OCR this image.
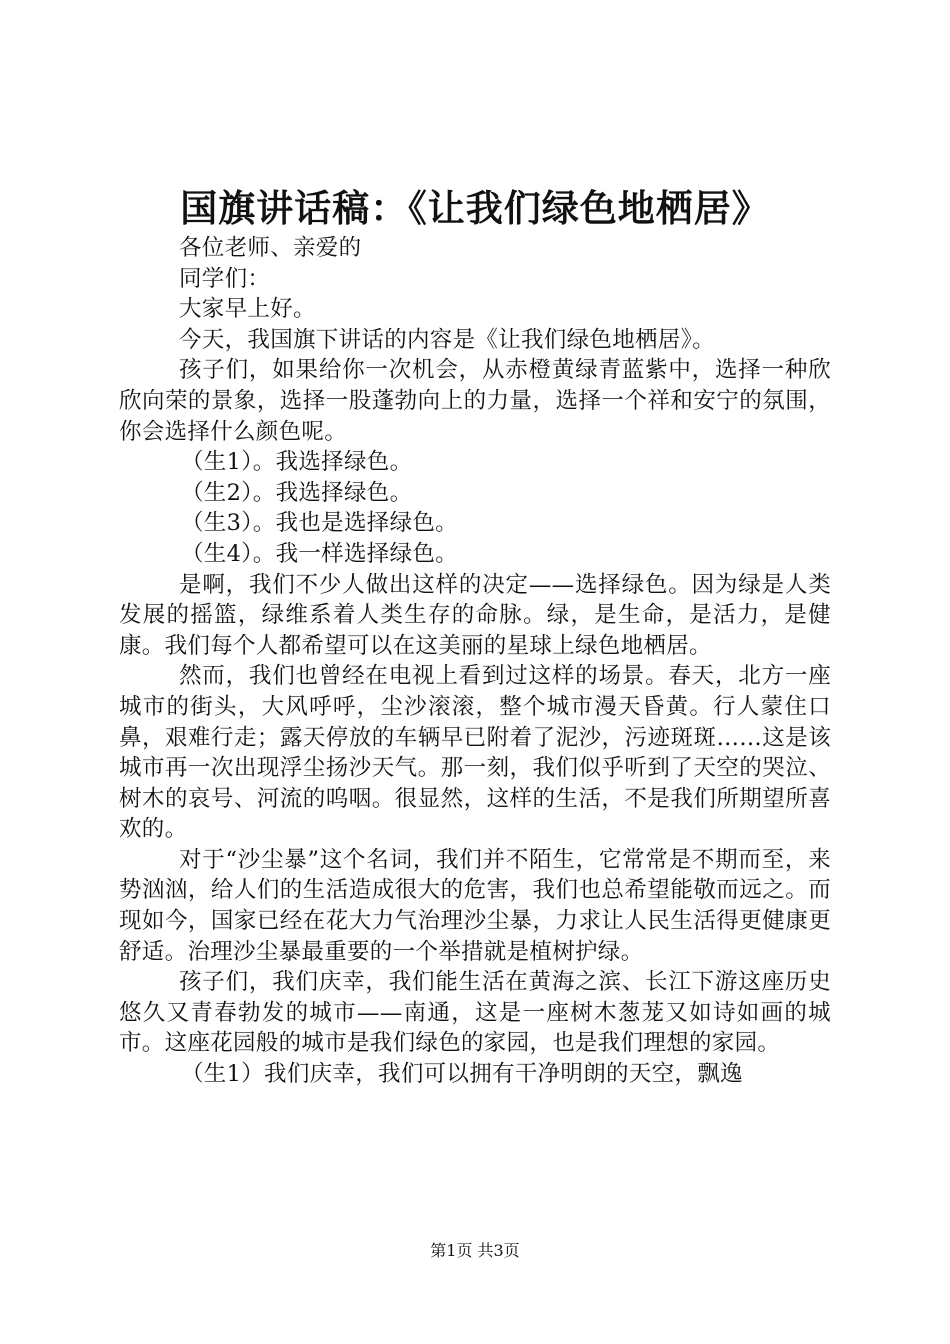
国旗讲话稿：《让我们绿色地栖居》

各位老师、亲爱的

同学们：

大家早上好。

今天，我国旗下讲话的内容是《让我们绿色地栖居》。

孩子们，如果给你一次机会，从赤橙黄绿青蓝紫中，选择一种欣欣向荣的景象，选择一股蓬勃向上的力量，选择一个祥和安宁的氛围，你会选择什么颜色呢。

（生1）。我选择绿色。

（生2）。我选择绿色。

（生3）。我也是选择绿色。

（生4）。我一样选择绿色。

是啊，我们不少人做出这样的决定——选择绿色。因为绿是人类发展的摇篮，绿维系着人类生存的命脉。绿，是生命，是活力，是健康。我们每个人都希望可以在这美丽的星球上绿色地栖居。

然而，我们也曾经在电视上看到过这样的场景。春天，北方一座城市的街头，大风呼呼，尘沙滚滚，整个城市漫天昏黄。行人蒙住口鼻，艰难行走；露天停放的车辆早已附着了泥沙，污迹斑斑……这是该城市再一次出现浮尘扬沙天气。那一刻，我们似乎听到了天空的哭泣、树木的哀号、河流的呜咽。很显然，这样的生活，不是我们所期望所喜欢的。

对于“沙尘暴”这个名词，我们并不陌生，它常常是不期而至，来势汹汹，给人们的生活造成很大的危害，我们也总希望能敬而远之。而现如今，国家已经在花大力气治理沙尘暴，力求让人民生活得更健康更舒适。治理沙尘暴最重要的一个举措就是植树护绿。

孩子们，我们庆幸，我们能生活在黄海之滨、长江下游这座历史悠久又青春勃发的城市——南通，这是一座树木葱茏又如诗如画的城市。这座花园般的城市是我们绿色的家园，也是我们理想的家园。

（生1）我们庆幸，我们可以拥有干净明朗的天空，飘逸

第1页 共3页
